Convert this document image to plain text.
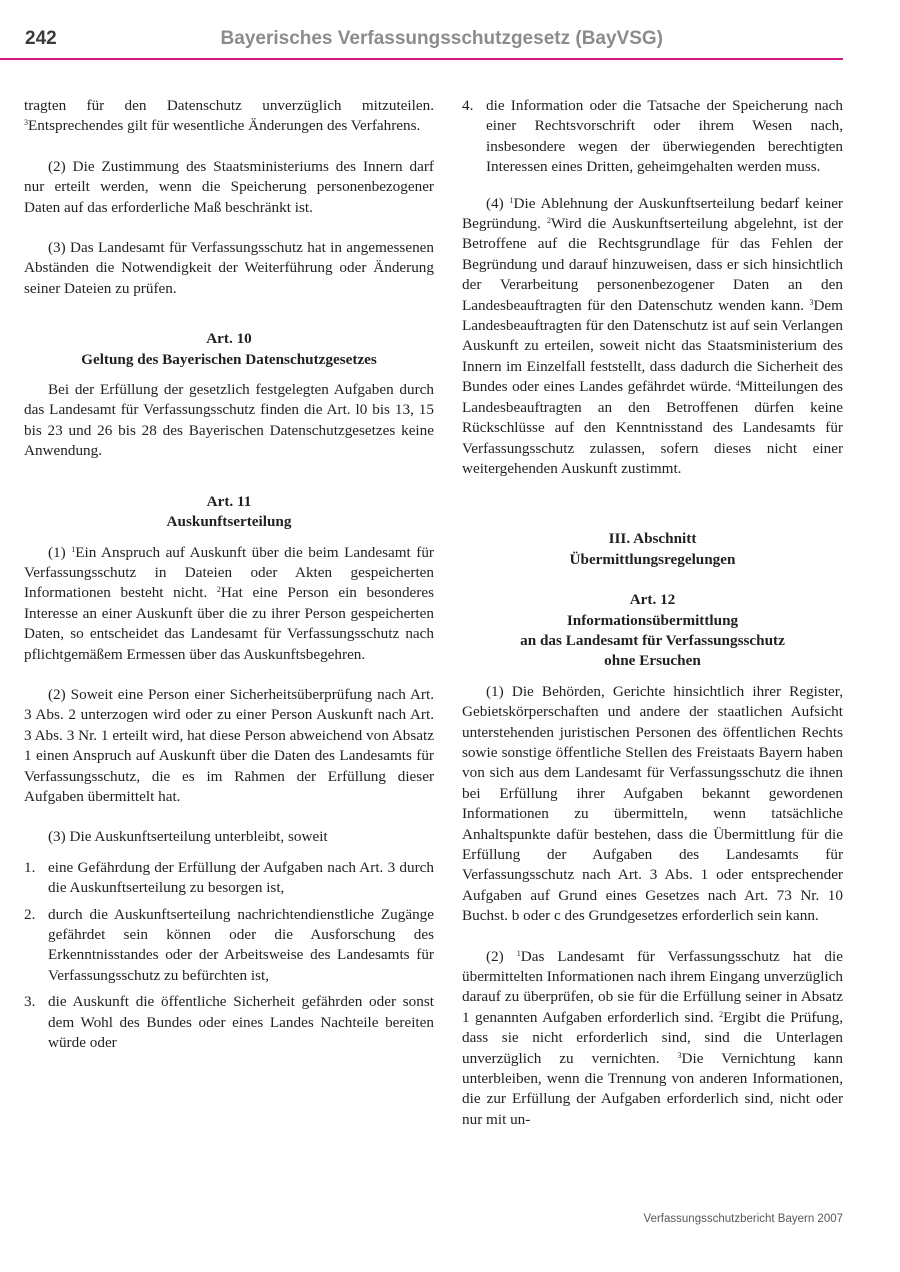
242	Bayerisches Verfassungsschutzgesetz (BayVSG)

tragten für den Datenschutz unverzüglich mitzuteilen. $^3$Entsprechendes gilt für wesentliche Änderungen des Verfahrens.

(2) Die Zustimmung des Staatsministeriums des Innern darf nur erteilt werden, wenn die Speicherung personenbezogener Daten auf das erforderliche Maß beschränkt ist.

(3) Das Landesamt für Verfassungsschutz hat in angemessenen Abständen die Notwendigkeit der Weiterführung oder Änderung seiner Dateien zu prüfen.

Art. 10
Geltung des Bayerischen Datenschutzgesetzes

Bei der Erfüllung der gesetzlich festgelegten Aufgaben durch das Landesamt für Verfassungsschutz finden die Art. l0 bis 13, 15 bis 23 und 26 bis 28 des Bayerischen Datenschutzgesetzes keine Anwendung.

Art. 11
Auskunftserteilung

(1) $^1$Ein Anspruch auf Auskunft über die beim Landesamt für Verfassungsschutz in Dateien oder Akten gespeicherten Informationen besteht nicht. $^2$Hat eine Person ein besonderes Interesse an einer Auskunft über die zu ihrer Person gespeicherten Daten, so entscheidet das Landesamt für Verfassungsschutz nach pflichtgemäßem Ermessen über das Auskunftsbegehren.

(2) Soweit eine Person einer Sicherheitsüberprüfung nach Art. 3 Abs. 2 unterzogen wird oder zu einer Person Auskunft nach Art. 3 Abs. 3 Nr. 1 erteilt wird, hat diese Person abweichend von Absatz 1 einen Anspruch auf Auskunft über die Daten des Landesamts für Verfassungsschutz, die es im Rahmen der Erfüllung dieser Aufgaben übermittelt hat.

(3) Die Auskunftserteilung unterbleibt, soweit

1. eine Gefährdung der Erfüllung der Aufgaben nach Art. 3 durch die Auskunftserteilung zu besorgen ist,
2. durch die Auskunftserteilung nachrichtendienstliche Zugänge gefährdet sein können oder die Ausforschung des Erkenntnisstandes oder der Arbeitsweise des Landesamts für Verfassungsschutz zu befürchten ist,
3. die Auskunft die öffentliche Sicherheit gefährden oder sonst dem Wohl des Bundes oder eines Landes Nachteile bereiten würde oder
4. die Information oder die Tatsache der Speicherung nach einer Rechtsvorschrift oder ihrem Wesen nach, insbesondere wegen der überwiegenden berechtigten Interessen eines Dritten, geheimgehalten werden muss.

(4) $^1$Die Ablehnung der Auskunftserteilung bedarf keiner Begründung. $^2$Wird die Auskunftserteilung abgelehnt, ist der Betroffene auf die Rechtsgrundlage für das Fehlen der Begründung und darauf hinzuweisen, dass er sich hinsichtlich der Verarbeitung personenbezogener Daten an den Landesbeauftragten für den Datenschutz wenden kann. $^3$Dem Landesbeauftragten für den Datenschutz ist auf sein Verlangen Auskunft zu erteilen, soweit nicht das Staatsministerium des Innern im Einzelfall feststellt, dass dadurch die Sicherheit des Bundes oder eines Landes gefährdet würde. $^4$Mitteilungen des Landesbeauftragten an den Betroffenen dürfen keine Rückschlüsse auf den Kenntnisstand des Landesamts für Verfassungsschutz zulassen, sofern dieses nicht einer weitergehenden Auskunft zustimmt.

III. Abschnitt
Übermittlungsregelungen
Art. 12
Informationsübermittlung
an das Landesamt für Verfassungsschutz
ohne Ersuchen

(1) Die Behörden, Gerichte hinsichtlich ihrer Register, Gebietskörperschaften und andere der staatlichen Aufsicht unterstehenden juristischen Personen des öffentlichen Rechts sowie sonstige öffentliche Stellen des Freistaats Bayern haben von sich aus dem Landesamt für Verfassungsschutz die ihnen bei Erfüllung ihrer Aufgaben bekannt gewordenen Informationen zu übermitteln, wenn tatsächliche Anhaltspunkte dafür bestehen, dass die Übermittlung für die Erfüllung der Aufgaben des Landesamts für Verfassungsschutz nach Art. 3 Abs. 1 oder entsprechender Aufgaben auf Grund eines Gesetzes nach Art. 73 Nr. 10 Buchst. b oder c des Grundgesetzes erforderlich sein kann.

(2) $^1$Das Landesamt für Verfassungsschutz hat die übermittelten Informationen nach ihrem Eingang unverzüglich darauf zu überprüfen, ob sie für die Erfüllung seiner in Absatz 1 genannten Aufgaben erforderlich sind. $^2$Ergibt die Prüfung, dass sie nicht erforderlich sind, sind die Unterlagen unverzüglich zu vernichten. $^3$Die Vernichtung kann unterbleiben, wenn die Trennung von anderen Informationen, die zur Erfüllung der Aufgaben erforderlich sind, nicht oder nur mit un-

Verfassungsschutzbericht Bayern 2007
